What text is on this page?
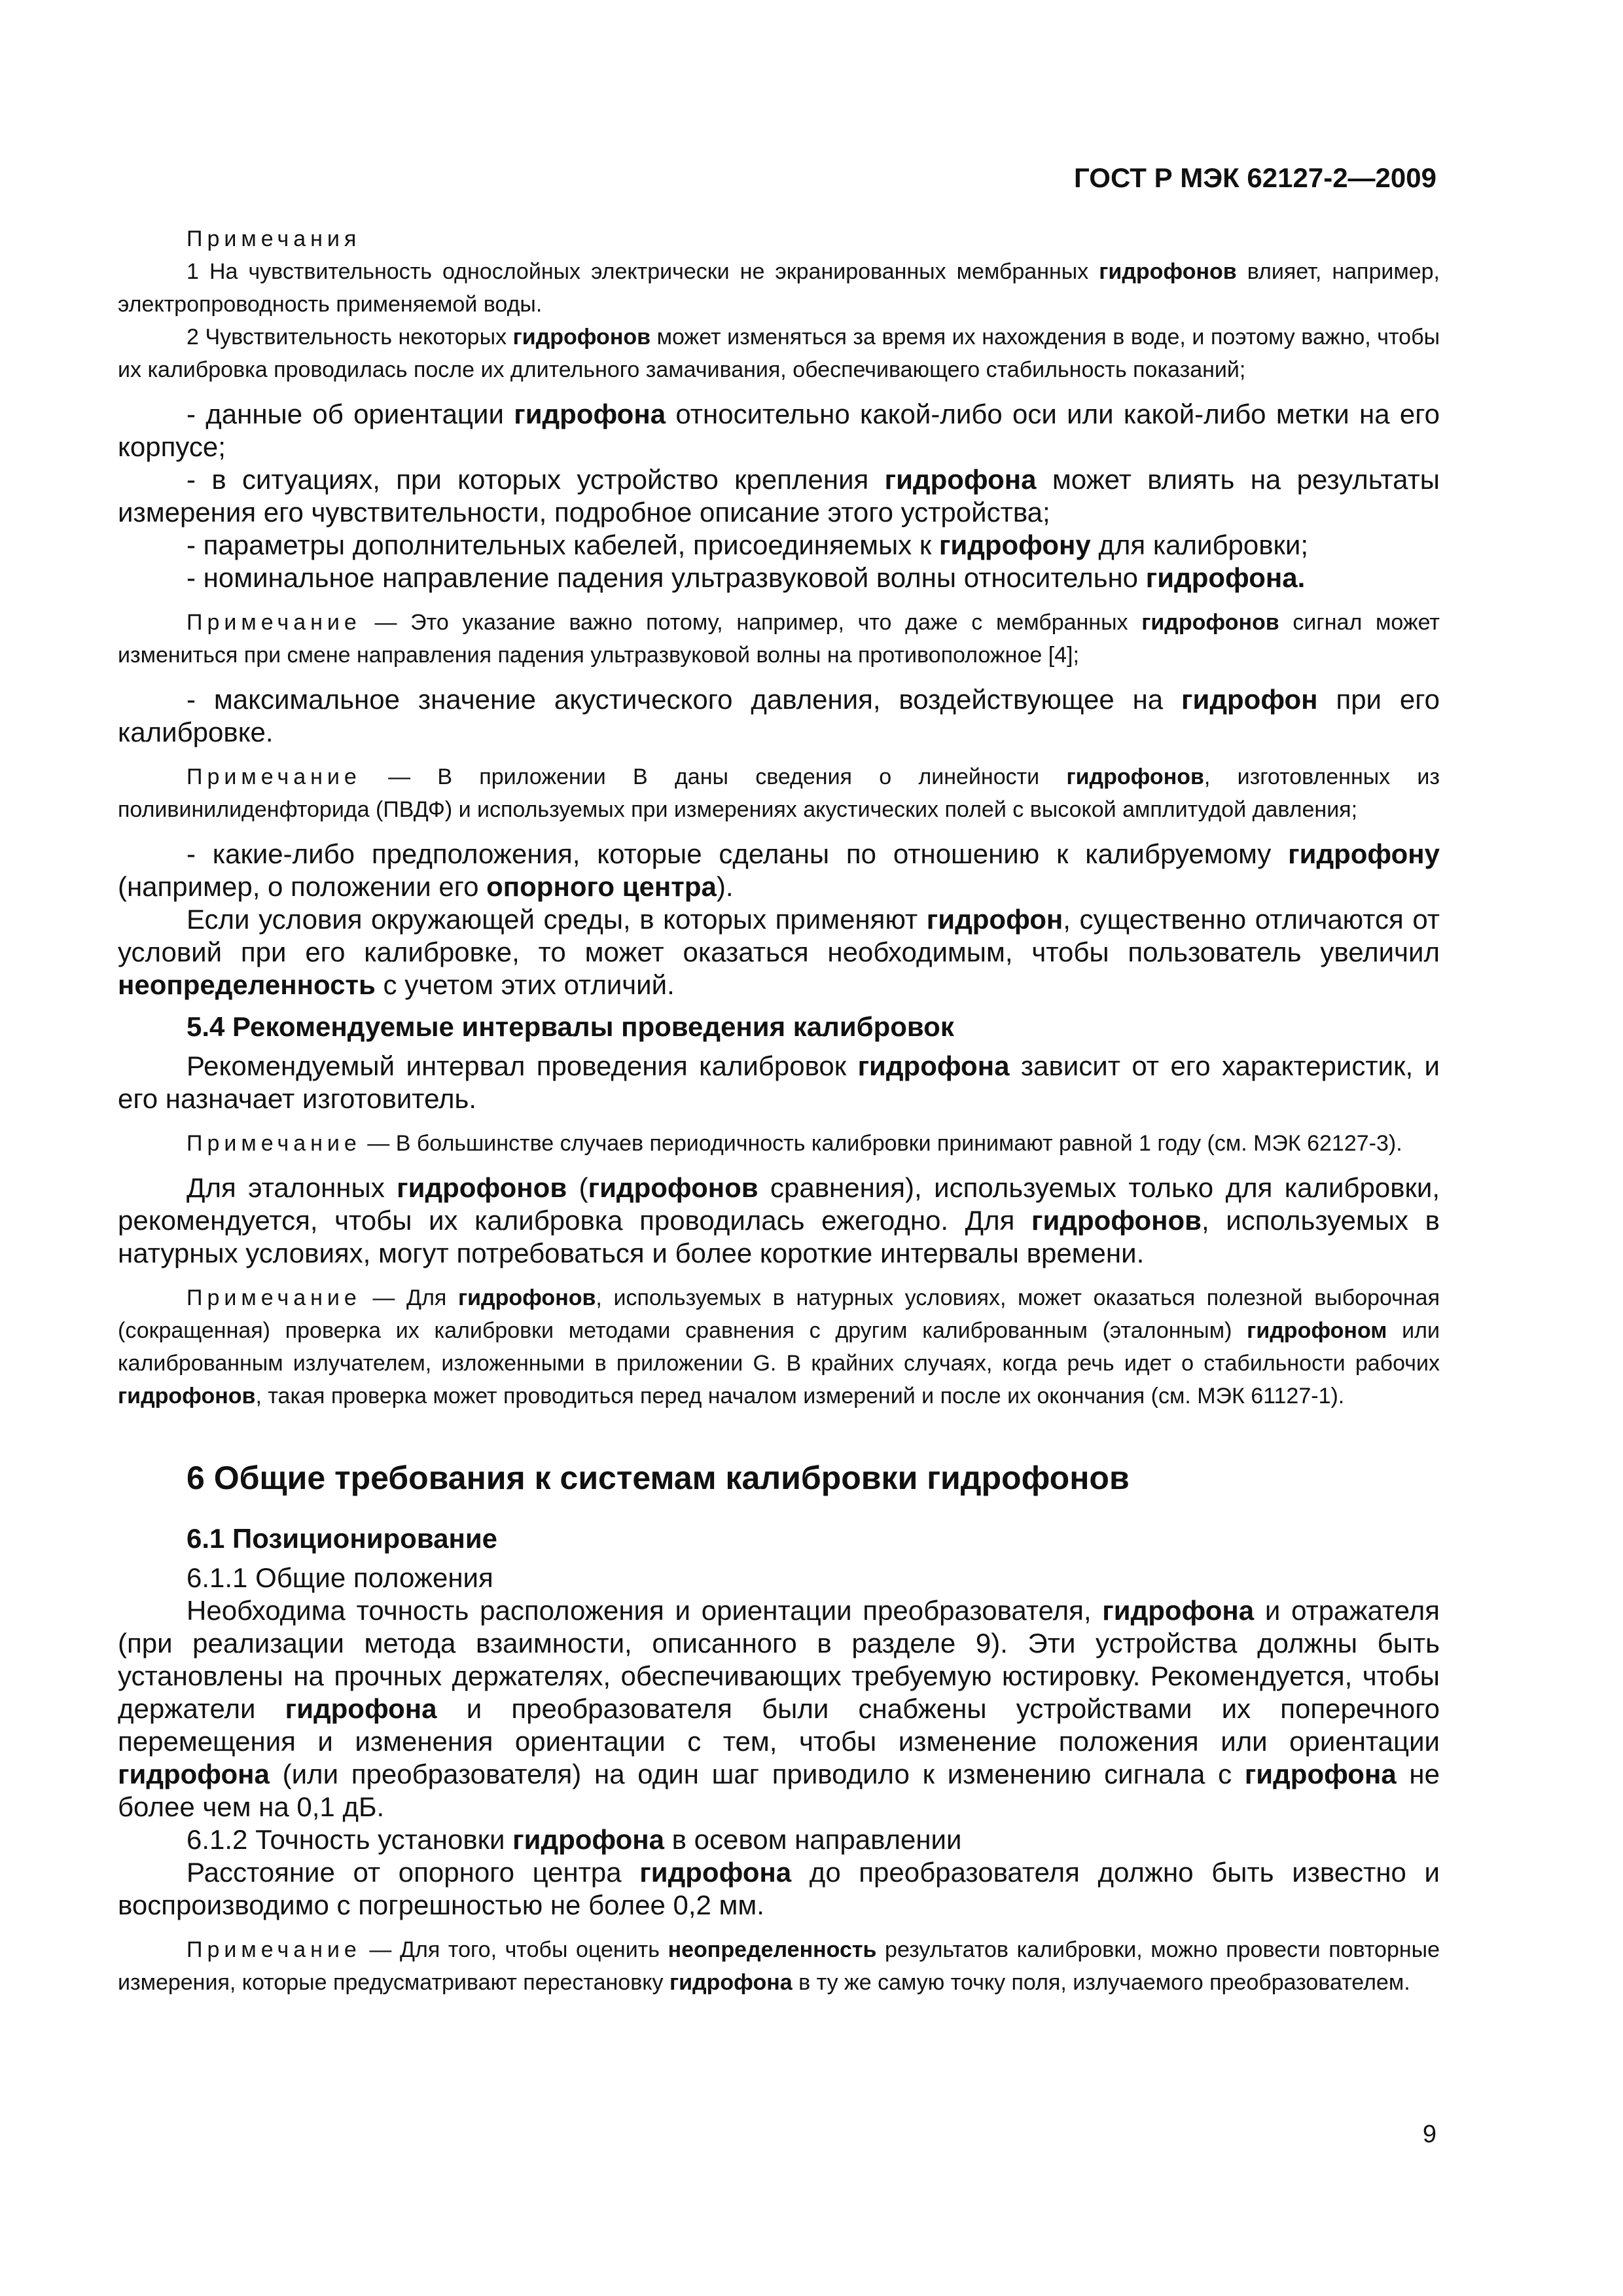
ГОСТ Р МЭК 62127-2—2009

Примечания

1 На чувствительность однослойных электрически не экранированных мембранных гидрофонов влияет, например, электропроводность применяемой воды.

2 Чувствительность некоторых гидрофонов может изменяться за время их нахождения в воде, и поэтому важно, чтобы их калибровка проводилась после их длительного замачивания, обеспечивающего стабильность показаний;

- данные об ориентации гидрофона относительно какой-либо оси или какой-либо метки на его корпусе;

- в ситуациях, при которых устройство крепления гидрофона может влиять на результаты измерения его чувствительности, подробное описание этого устройства;

- параметры дополнительных кабелей, присоединяемых к гидрофону для калибровки;

- номинальное направление падения ультразвуковой волны относительно гидрофона.

Примечание — Это указание важно потому, например, что даже с мембранных гидрофонов сигнал может измениться при смене направления падения ультразвуковой волны на противоположное [4];

- максимальное значение акустического давления, воздействующее на гидрофон при его калибровке.

Примечание — В приложении В даны сведения о линейности гидрофонов, изготовленных из поливинилиденфторида (ПВДФ) и используемых при измерениях акустических полей с высокой амплитудой давления;

- какие-либо предположения, которые сделаны по отношению к калибруемому гидрофону (например, о положении его опорного центра).

Если условия окружающей среды, в которых применяют гидрофон, существенно отличаются от условий при его калибровке, то может оказаться необходимым, чтобы пользователь увеличил неопределенность с учетом этих отличий.

5.4 Рекомендуемые интервалы проведения калибровок

Рекомендуемый интервал проведения калибровок гидрофона зависит от его характеристик, и его назначает изготовитель.

Примечание — В большинстве случаев периодичность калибровки принимают равной 1 году (см. МЭК 62127-3).

Для эталонных гидрофонов (гидрофонов сравнения), используемых только для калибровки, рекомендуется, чтобы их калибровка проводилась ежегодно. Для гидрофонов, используемых в натурных условиях, могут потребоваться и более короткие интервалы времени.

Примечание — Для гидрофонов, используемых в натурных условиях, может оказаться полезной выборочная (сокращенная) проверка их калибровки методами сравнения с другим калиброванным (эталонным) гидрофоном или калиброванным излучателем, изложенными в приложении G. В крайних случаях, когда речь идет о стабильности рабочих гидрофонов, такая проверка может проводиться перед началом измерений и после их окончания (см. МЭК 61127-1).

6 Общие требования к системам калибровки гидрофонов

6.1 Позиционирование

6.1.1 Общие положения

Необходима точность расположения и ориентации преобразователя, гидрофона и отражателя (при реализации метода взаимности, описанного в разделе 9). Эти устройства должны быть установлены на прочных держателях, обеспечивающих требуемую юстировку. Рекомендуется, чтобы держатели гидрофона и преобразователя были снабжены устройствами их поперечного перемещения и изменения ориентации с тем, чтобы изменение положения или ориентации гидрофона (или преобразователя) на один шаг приводило к изменению сигнала с гидрофона не более чем на 0,1 дБ.

6.1.2 Точность установки гидрофона в осевом направлении

Расстояние от опорного центра гидрофона до преобразователя должно быть известно и воспроизводимо с погрешностью не более 0,2 мм.

Примечание — Для того, чтобы оценить неопределенность результатов калибровки, можно провести повторные измерения, которые предусматривают перестановку гидрофона в ту же самую точку поля, излучаемого преобразователем.

9
